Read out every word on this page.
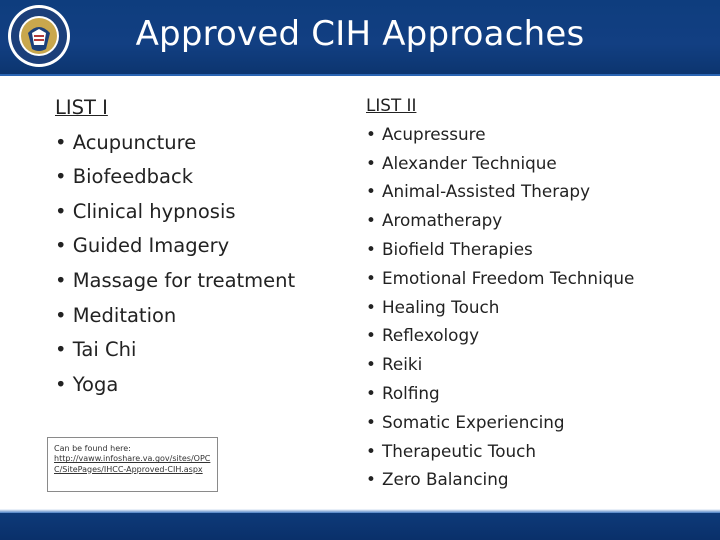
Approved CIH Approaches
LIST I
• Acupuncture
• Biofeedback
• Clinical hypnosis
• Guided Imagery
• Massage for treatment
• Meditation
• Tai Chi
• Yoga
Can be found here:
http://vaww.infoshare.va.gov/sites/OPCC/SitePages/IHCC-Approved-CIH.aspx
LIST II
• Acupressure
• Alexander Technique
• Animal-Assisted Therapy
• Aromatherapy
• Biofield Therapies
• Emotional Freedom Technique
• Healing Touch
• Reflexology
• Reiki
• Rolfing
• Somatic Experiencing
• Therapeutic Touch
• Zero Balancing
